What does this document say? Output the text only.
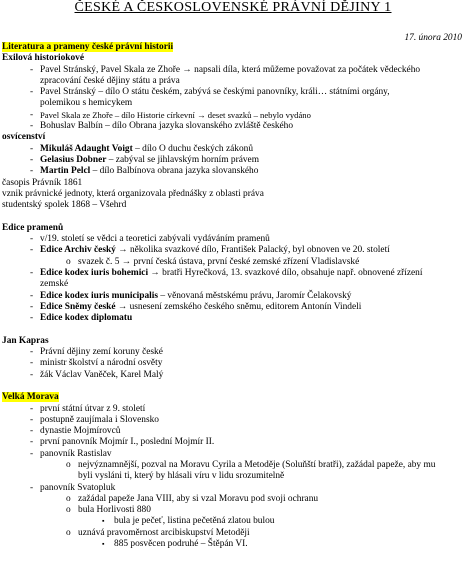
ČESKÉ A ČESKOSLOVENSKÉ PRÁVNÍ DĚJINY 1
17. února 2010
Literatura a prameny české právní historii
Exilová historiokové
- Pavel Stránský, Pavel Skala ze Zhoře → napsali díla, která můžeme považovat za počátek vědeckého
zpracování české dějiny státu a práva
- Pavel Stránský – dílo O státu českém, zabývá se českými panovníky, králi… státními orgány,
polemikou s hemicykem
- Pavel Skala ze Zhoře – dílo Historie církevní → deset svazků – nebylo vydáno
- Bohuslav Balbín – dílo Obrana jazyka slovanského zvláště českého
osvícenství
- Mikuláš Adaught Voigt – dílo O duchu českých zákonů
- Gelasius Dobner – zabýval se jihlavským horním právem
- Martin Pelcl – dílo Balbínova obrana jazyka slovanského
časopis Právník 1861
vznik právnické jednoty, která organizovala přednášky z oblasti práva
studentský spolek 1868 – Všehrd
Edice pramenů
- v/19. století se vědci a teoretici zabývali vydáváním pramenů
- Edice Archiv český → několika svazkové dílo, František Palacký, byl obnoven ve 20. století
o svazek č. 5 → první česká ústava, první české zemské zřízení Vladislavské
- Edice kodex iuris bohemici → bratři Hyrečková, 13. svazkové dílo, obsahuje např. obnovené zřízení
zemské
- Edice kodex iuris municipalis – věnovaná městskému právu, Jaromír Čelakovský
- Edice Sněmy české → usnesení zemského českého sněmu, editorem Antonín Vindeli
- Edice kodex diplomatu
Jan Kapras
- Právní dějiny zemí koruny české
- ministr školství a národní osvěty
- žák Václav Vaněček, Karel Malý
Velká Morava
- první státní útvar z 9. století
- postupně zaujímala i Slovensko
- dynastie Mojmírovců
- první panovník Mojmír I., poslední Mojmír II.
- panovník Rastislav
o nejvýznamnější, pozval na Moravu Cyrila a Metoděje (Soluňští bratři), zažádal papeže, aby mu
byli vysláni ti, který by hlásali víru v lidu srozumitelně
- panovník Svatopluk
o zažádal papeže Jana VIII, aby si vzal Moravu pod svoji ochranu
o bula Horlivosti 880
▪ bula je pečeť, listina pečetěná zlatou bulou
o uznává pravoměrnost arcibiskupství Metoději
▪ 885 posvěcen podruhé – Štěpán VI.
